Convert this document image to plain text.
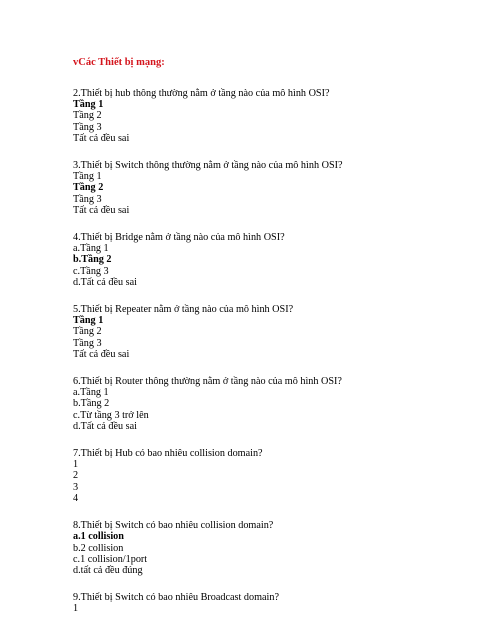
vCác Thiết bị mạng:
2.Thiết bị hub thông thường nằm ở tầng nào của mô hình OSI?
Tầng 1
Tầng 2
Tầng 3
Tất cả đều sai
3.Thiết bị Switch thông thường nằm ở tầng nào của mô hình OSI?
Tầng 1
Tầng 2
Tầng 3
Tất cả đều sai
4.Thiết bị Bridge nằm ở tầng nào của mô hình OSI?
a.Tầng 1
b.Tầng 2
c.Tầng 3
d.Tất cả đều sai
5.Thiết bị Repeater nằm ở tầng nào của mô hình OSI?
Tầng 1
Tầng 2
Tầng 3
Tất cả đều sai
6.Thiết bị Router thông thường nằm ở tầng nào của mô hình OSI?
a.Tầng 1
b.Tầng 2
c.Từ tầng 3 trở lên
d.Tất cả đều sai
7.Thiết bị Hub có bao nhiêu collision domain?
1
2
3
4
8.Thiết bị Switch có bao nhiêu collision domain?
a.1 collision
b.2 collision
c.1 collision/1port
d.tất cả đều đúng
9.Thiết bị Switch có bao nhiêu Broadcast domain?
1
